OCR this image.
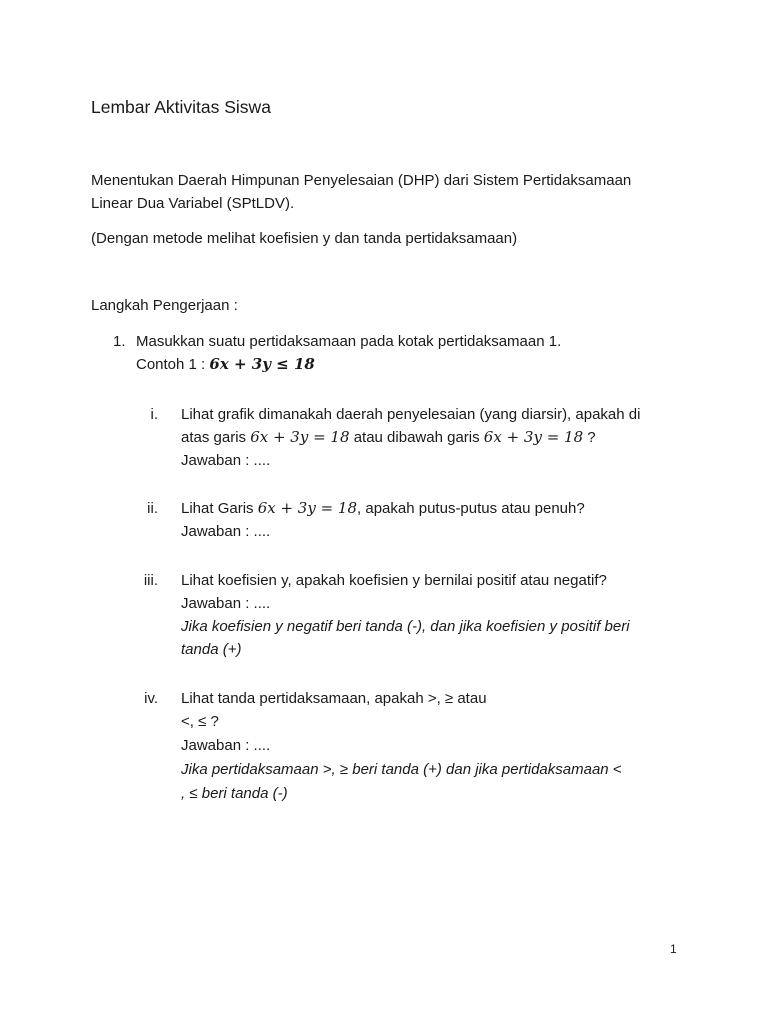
Lembar Aktivitas Siswa
Menentukan Daerah Himpunan Penyelesaian (DHP) dari Sistem Pertidaksamaan
Linear Dua Variabel (SPtLDV).
(Dengan metode melihat koefisien y dan tanda pertidaksamaan)
Langkah Pengerjaan :
1. Masukkan suatu pertidaksamaan pada kotak pertidaksamaan 1.
Contoh 1 : 6x + 3y ≤ 18
i. Lihat grafik dimanakah daerah penyelesaian (yang diarsir), apakah di
atas garis 6x + 3y = 18 atau dibawah garis 6x + 3y = 18 ?
Jawaban : ....
ii. Lihat Garis 6x + 3y = 18, apakah putus-putus atau penuh?
Jawaban : ....
iii. Lihat koefisien y, apakah koefisien y bernilai positif atau negatif?
Jawaban : ....
Jika koefisien y negatif beri tanda (-), dan jika koefisien y positif beri
tanda (+)
iv. Lihat tanda pertidaksamaan, apakah >, ≥ atau
<, ≤ ?
Jawaban : ....
Jika pertidaksamaan >, ≥ beri tanda (+) dan jika pertidaksamaan <
, ≤ beri tanda (-)
1
